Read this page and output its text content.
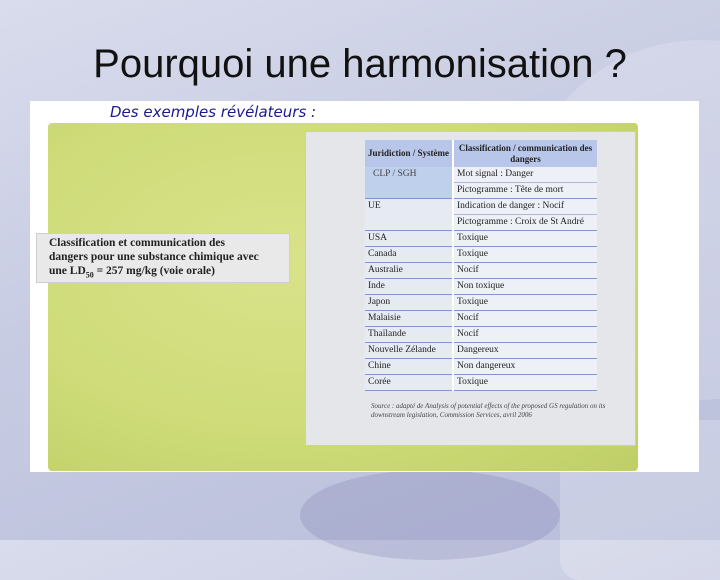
Pourquoi une harmonisation ?
Classification et communication des
dangers pour une substance chimique avec
une $LD_{50} = 257$ mg/kg (voie orale)
Juridiction / Système	Classification / communication des dangers
CLP / SGH	Mot signal : Danger
	Pictogramme : Tête de mort
UE	Indication de danger : Nocif
	Pictogramme : Croix de St André
USA	Toxique
Canada	Toxique
Australie	Nocif
Inde	Non toxique
Japon	Toxique
Malaisie	Nocif
Thaïlande	Nocif
Nouvelle Zélande	Dangereux
Chine	Non dangereux
Corée	Toxique
Source : adapté de Analysis of potential effects of the proposed GS regulation on its downstream legislation, Commission Services, avril 2006
Des exemples révélateurs :
